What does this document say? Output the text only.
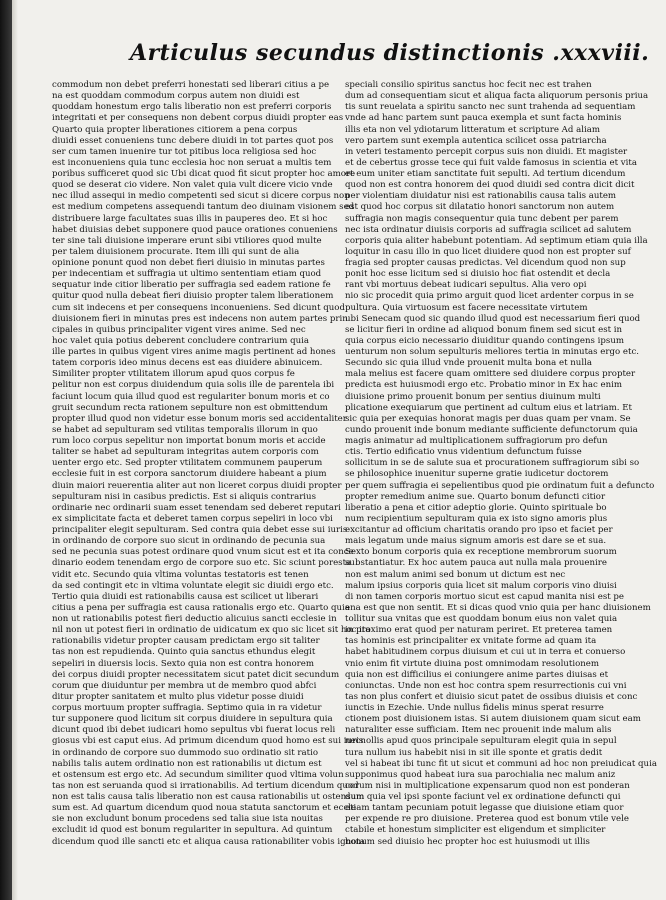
Articulus secundus distinctionis .xxxviii.

commodum non debet preferri honestati sed liberari citius a pe

na est quoddam commodum corpus autem non diuidi est

quoddam honestum ergo talis liberatio non est preferri corporis

integritati et per consequens non debent corpus diuidi propter eas

Quarto quia propter liberationes citiorem a pena corpus

diuidi esset conueniens tunc debere diuidi in tot partes quot pos

ser cum tamen inuenire tur tot pitibus loca religiosa sed hoc

est inconueniens quia tunc ecclesia hoc non seruat a multis tem

poribus sufficeret quod sic Ubi dicat quod fit sicut propter hoc amore

quod se deserat cio videre. Non valet quia vult dicere vicio vnde

nec illud assequi in medio competenti sed sicut si dicere corpus non

est medium competens assequendi tantum deo diuinam visionem sed

distribuere large facultates suas illis in pauperes deo. Et si hoc

habet diuisias debet supponere quod pauce orationes conueniens

ter sine tali diuisione imperare erunt sibi vtiliores quod multe

per talem diuisionem procurate. Item illi qui sunt de alia

opinione ponunt quod non debet fieri diuisio in minutas partes

per indecentiam et suffragia ut ultimo sententiam etiam quod

sequatur inde citior liberatio per suffragia sed eadem ratione fe

quitur quod nulla debeat fieri diuisio propter talem liberationem

cum sit indecens et per consequens inconueniens. Sed dicunt quod

diuisionem fieri in minutas pres est indecens non autem partes prin

cipales in quibus principaliter vigent vires anime. Sed nec

hoc valet quia potius deberent concludere contrarium quia

ille partes in quibus vigent vires anime magis pertinent ad hones

tatem corporis ideo minus decens est eas diuidere abinuicem.

Similiter propter vtilitatem illorum apud quos corpus fe

pelitur non est corpus diuidendum quia solis ille de parentela ibi

faciunt locum quia illud quod est regulariter bonum moris et co

gruit secundum recta rationem sepulture non est obmittendum

propter illud quod non videtur esse bonum moris sed accidentaliter

se habet ad sepulturam sed vtilitas temporalis illorum in quo

rum loco corpus sepelitur non importat bonum moris et accide

taliter se habet ad sepulturam integritas autem corporis com

uenter ergo etc. Sed propter vtilitatem communem pauperum

ecclesie fuit in est corpora sanctorum diuidere habeant a pium

diuin maiori reuerentia aliter aut non liceret corpus diuidi propter

sepulturam nisi in casibus predictis. Est si aliquis contrarius

ordinarie nec ordinarii suam esset tenendam sed deberet reputari

ex simplicitate facta et deberet tamen corpus sepeliri in loco vbi

principaliter elegit sepulturam. Sed contra quia debet esse sui iuris

in ordinando de corpore suo sicut in ordinando de pecunia sua

sed ne pecunia suas potest ordinare quod vnum sicut est et ita conce

dinario eodem tenendam ergo de corpore suo etc. Sic sciunt poresta

vidit etc. Secundo quia vltima voluntas testatoris est tenen

da sed contingit etc in vltima voluntate elegit sic diuidi ergo etc.

Tertio quia diuidi est rationabilis causa est scilicet ut liberari

citius a pena per suffragia est causa rationalis ergo etc. Quarto quia

non ut rationabilis potest fieri deductio alicuius sancti ecclesie in

nil non ut potest fieri in ordinatio de uidicatum ex quo sic licet sit hoc ita

rationabilis videtur propter causam predictam ergo sit taliter

tas non est repudienda. Quinto quia sanctus ethundus elegit

sepeliri in diuersis locis. Sexto quia non est contra honorem

dei corpus diuidi propter necessitatem sicut patet dicit secundum

corum que diuiduntur per membra ut de membro quod abfci

ditur propter sanitatem et multo plus videtur posse diuidi

corpus mortuum propter suffragia. Septimo quia in ra videtur

tur supponere quod licitum sit corpus diuidere in sepultura quia

dicunt quod ibi debet iudicari homo sepultus vbi fuerat locus reli

giosus vbi est caput eius. Ad primum dicendum quod homo est sui iuris

in ordinando de corpore suo dummodo suo ordinatio sit ratio

nabilis talis autem ordinatio non est rationabilis ut dictum est

et ostensum est ergo etc. Ad secundum similiter quod vltima volun

tas non est seruanda quod si irrationabilis. Ad tertium dicendum quod

non est talis causa talis liberatio non est causa rationabilis ut ostensum

sum est. Ad quartum dicendum quod noua statuta sanctorum et eccle

sie non excludunt bonum procedens sed talia siue ista nouitas

excludit id quod est bonum regulariter in sepultura. Ad quintum

dicendum quod ille sancti etc et aliqua causa rationabiliter vobis ignota

speciali consilio spiritus sanctus hoc fecit nec est trahen

dum ad consequentiam sicut et aliqua facta aliquorum personis priua

tis sunt reuelata a spiritu sancto nec sunt trahenda ad sequentiam

vnde ad hanc partem sunt pauca exempla et sunt facta hominis

illis eta non vel ydiotarum litteratum et scripture Ad aliam

vero partem sunt exempla autentica scilicet ossa patriarcha

in veteri testamento percepit corpus suis non diuidi. Et magister

et de cebertus grosse tece qui fuit valde famosus in scientia et vita

et eum uniter etiam sanctitate fuit sepulti. Ad tertium dicendum

quod non est contra honorem dei quod diuidi sed contra dicit dicit

per violentiam diuidatur nisi est rationabilis causa talis autem

est quod hoc corpus sit dilatatio honori sanctorum non autem

suffragia non magis consequentur quia tunc debent per parem

nec ista ordinatur diuisis corporis ad suffragia scilicet ad salutem

corporis quia aliter habebunt potentiam. Ad septimum etiam quia illa

loquitur in casu illo in quo licet diuidere quod non est propter suf

fragia sed propter causas predictas. Vel dicendum quod non sup

ponit hoc esse licitum sed si diuisio hoc fiat ostendit et decla

rant vbi mortuus debeat iudicari sepultus. Alia vero opi

nio sic procedit quia primo arguit quod licet ardenter corpus in se

pultura. Quia virtuosum est facere necessitate virtutem

ubi Senecam quod sic quando illud quod est necessarium fieri quod

se licitur fieri in ordine ad aliquod bonum finem sed sicut est in

quia corpus eicio necessario diuiditur quando contingens ipsum

uenturum non solum sepulturis meliores tertia in minutas ergo etc.

Secundo sic quia illud vnde prouenit multa bona et nulla

mala melius est facere quam omittere sed diuidere corpus propter

predicta est huiusmodi ergo etc. Probatio minor in Ex hac enim

diuisione primo prouenit bonum per sentius diuinum multi

plicatione exequiarum que pertinent ad cultum eius et latriam. Et

sic quia per exequias honorat magis per duas quam per vnam. Se

cundo prouenit inde bonum mediante sufficiente defunctorum quia

magis animatur ad multiplicationem suffragiorum pro defun

ctis. Tertio edificatio vnus videntium defunctum fuisse

sollicitum in se de salute sua et procurationem suffragiorum sibi so

se philosophice inuenitur superne gratie iudicetur doctorem

per quem suffragia ei sepelientibus quod pie ordinatum fuit a defuncto

propter remedium anime sue. Quarto bonum defuncti citior

liberatio a pena et citior adeptio glorie. Quinto spirituale bo

num recipientium sepulturam quia ex isto signo amoris plus

excitantur ad officium charitatis orando pro ipso et faciet per

mais legatum unde maius signum amoris est dare se et sua.

Sexto bonum corporis quia ex receptione membrorum suorum

substantiatur. Ex hoc autem pauca aut nulla mala prouenire

non est malum animi sed bonum ut dictum est nec

malum ipsius corporis quia licet sit malum corporis vino diuisi

di non tamen corporis mortuo sicut est capud manita nisi est pe

ena est que non sentit. Et si dicas quod vnio quia per hanc diuisionem

tollitur sua vnitas que est quoddam bonum eius non valet quia

in proximo erat quod per naturam periret. Et preterea tamen

tas hominis est principaliter ex vnitate forme ad quam ita

habet habitudinem corpus diuisum et cui ut in terra et conuerso

vnio enim fit virtute diuina post omnimodam resolutionem

quia non est difficilius ei coniungere anime partes diuisas et

coniunctas. Unde non est hoc contra spem resurrectionis cui vni

tas non plus confert et diuisio sicut patet de ossibus diuisis et conc

iunctis in Ezechie. Unde nullus fidelis minus sperat resurre

ctionem post diuisionem istas. Si autem diuisionem quam sicut eam

naturaliter esse sufficiam. Item nec prouenit inde malum alis

necnollis apud quos principale sepulturam elegit quia in sepul

tura nullum ius habebit nisi in sit ille sponte et gratis dedit

vel si habeat ibi tunc fit ut sicut et communi ad hoc non preiudicat quia

supponimus quod habeat iura sua parochialia nec malum aniz

corum nisi in multiplicatione expensarum quod non est ponderan

dum quia vel ipsi sponte faciunt vel ex ordinatione defuncti qui

etiam tantam pecuniam potuit legasse que diuisione etiam quor

per expende re pro diuisione. Preterea quod est bonum vtile vele

ctabile et honestum simpliciter est eligendum et simpliciter

bonum sed diuisio hec propter hoc est huiusmodi ut illis
